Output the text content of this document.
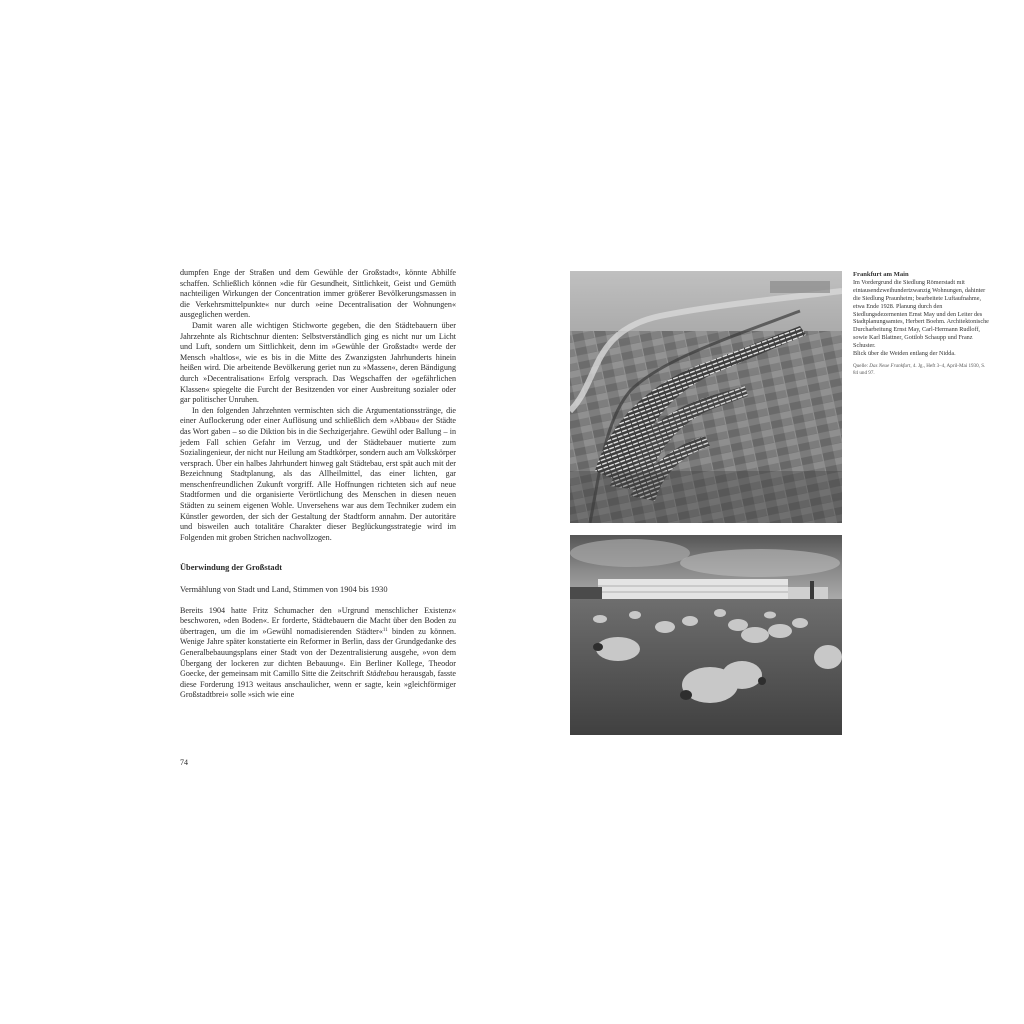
dumpfen Enge der Straßen und dem Gewühle der Großstadt«, könnte Abhilfe schaffen. Schließlich können »die für Gesundheit, Sittlichkeit, Geist und Gemüth nachteiligen Wirkungen der Concentration immer größerer Bevölkerungsmassen in die Verkehrsmittelpunkte« nur durch »eine Decentralisation der Wohnungen« ausgeglichen werden.

Damit waren alle wichtigen Stichworte gegeben, die den Städtebauern über Jahrzehnte als Richtschnur dienten: Selbstverständlich ging es nicht nur um Licht und Luft, sondern um Sittlichkeit, denn im »Gewühle der Großstadt« werde der Mensch »haltlos«, wie es bis in die Mitte des Zwanzigsten Jahrhunderts hinein heißen wird. Die arbeitende Bevölkerung geriet nun zu »Massen«, deren Bändigung durch »Decentralisation« Erfolg versprach. Das Wegschaffen der »gefährlichen Klassen« spiegelte die Furcht der Besitzenden vor einer Ausbreitung sozialer oder gar politischer Unruhen.

In den folgenden Jahrzehnten vermischten sich die Argumentationsstränge, die einer Auflockerung oder einer Auflösung und schließlich dem »Abbau« der Städte das Wort gaben – so die Diktion bis in die Sechzigerjahre. Gewühl oder Ballung – in jedem Fall schien Gefahr im Verzug, und der Städtebauer mutierte zum Sozialingenieur, der nicht nur Heilung am Stadtkörper, sondern auch am Volkskörper versprach. Über ein halbes Jahrhundert hinweg galt Städtebau, erst spät auch mit der Bezeichnung Stadtplanung, als das Allheilmittel, das einer lichten, gar menschenfreundlichen Zukunft vorgriff. Alle Hoffnungen richteten sich auf neue Stadtformen und die organisierte Verörtlichung des Menschen in diesen neuen Städten zu seinem eigenen Wohle. Unversehens war aus dem Techniker zudem ein Künstler geworden, der sich der Gestaltung der Stadtform annahm. Der autoritäre und bisweilen auch totalitäre Charakter dieser Beglückungsstrategie wird im Folgenden mit groben Strichen nachvollzogen.

Überwindung der Großstadt

Vermählung von Stadt und Land, Stimmen von 1904 bis 1930

Bereits 1904 hatte Fritz Schumacher den »Urgrund menschlicher Existenz« beschworen, »den Boden«. Er forderte, Städtebauern die Macht über den Boden zu übertragen, um die im »Gewühl nomadisierenden Städter«$^{11}$ binden zu können. Wenige Jahre später konstatierte ein Reformer in Berlin, dass der Grundgedanke des Generalbebauungsplans einer Stadt von der Dezentralisierung ausgehe, »von dem Übergang der lockeren zur dichten Bebauung«. Ein Berliner Kollege, Theodor Goecke, der gemeinsam mit Camillo Sitte die Zeitschrift Städtebau herausgab, fasste diese Forderung 1913 weitaus anschaulicher, wenn er sagte, kein »gleichförmiger Großstadtbrei« solle »sich wie eine

74
Frankfurt am Main
Im Vordergrund die Siedlung Römerstadt mit eintausendzweihundertzwanzig Wohnungen, dahinter die Siedlung Praunheim; bearbeitete Luftaufnahme, etwa Ende 1928. Planung durch den Siedlungsdezernenten Ernst May und den Leiter des Stadtplanungsamtes, Herbert Boehm. Architektonische Durcharbeitung Ernst May, Carl-Hermann Rudloff, sowie Karl Blattner, Gottlob Schaupp und Franz Schuster.
Blick über die Weiden entlang der Nidda.
Quelle: Das Neue Frankfurt, 4. Jg., Heft 3–4, April-Mai 1930, S. 84 und 97.
